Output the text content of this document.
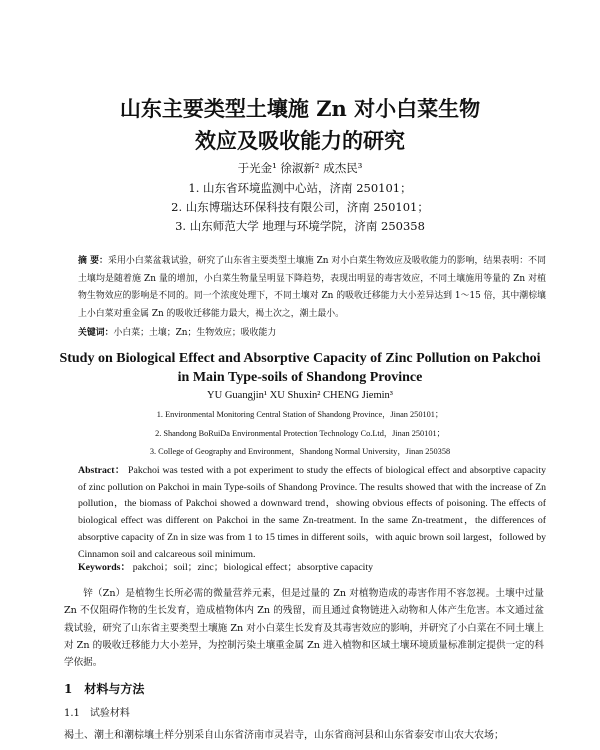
山东主要类型土壤施 Zn 对小白菜生物
效应及吸收能力的研究
于光金¹ 徐淑新² 成杰民³
1. 山东省环境监测中心站，济南 250101；
2. 山东博瑞达环保科技有限公司，济南 250101；
3. 山东师范大学 地理与环境学院，济南 250358
摘 要：采用小白菜盆栽试验，研究了山东省主要类型土壤施 Zn 对小白菜生物效应及吸收能力的影响，结果表明：不同土壤均是随着施 Zn 量的增加，小白菜生物量呈明显下降趋势，表现出明显的毒害效应，不同土壤施用等量的 Zn 对植物生物效应的影响是不同的。同一个浓度处理下，不同土壤对 Zn 的吸收迁移能力大小差异达到 1～15 倍，其中潮棕壤上小白菜对重金属 Zn 的吸收迁移能力最大，褐土次之，潮土最小。
关键词：小白菜；土壤；Zn；生物效应；吸收能力
Study on Biological Effect and Absorptive Capacity of Zinc Pollution on Pakchoi
in Main Type-soils of Shandong Province
YU Guangjin¹ XU Shuxin² CHENG Jiemin³
1. Environmental Monitoring Central Station of Shandong Province，Jinan 250101；
2. Shandong BoRuiDa Environmental Protection Technology Co.Ltd，Jinan 250101；
3. College of Geography and Environment，Shandong Normal University，Jinan 250358
Abstract： Pakchoi was tested with a pot experiment to study the effects of biological effect and absorptive capacity of zinc pollution on Pakchoi in main Type-soils of Shandong Province. The results showed that with the increase of Zn pollution，the biomass of Pakchoi showed a downward trend，showing obvious effects of poisoning. The effects of biological effect was different on Pakchoi in the same Zn-treatment. In the same Zn-treatment，the differences of absorptive capacity of Zn in size was from 1 to 15 times in different soils，with aquic brown soil largest，followed by Cinnamon soil and calcareous soil minimum.
Keywords： pakchoi；soil；zinc；biological effect；absorptive capacity
锌（Zn）是植物生长所必需的微量营养元素，但是过量的 Zn 对植物造成的毒害作用不容忽视。土壤中过量 Zn 不仅阻碍作物的生长发育，造成植物体内 Zn 的残留，而且通过食物链进入动物和人体产生危害。本文通过盆栽试验，研究了山东省主要类型土壤施 Zn 对小白菜生长发育及其毒害效应的影响，并研究了小白菜在不同土壤上对 Zn 的吸收迁移能力大小差异，为控制污染土壤重金属 Zn 进入植物和区域土壤环境质量标准制定提供一定的科学依据。
1 材料与方法
1.1 试验材料
褐土、潮土和潮棕壤土样分别采自山东省济南市灵岩寺，山东省商河县和山东省泰安市山农大农场；
